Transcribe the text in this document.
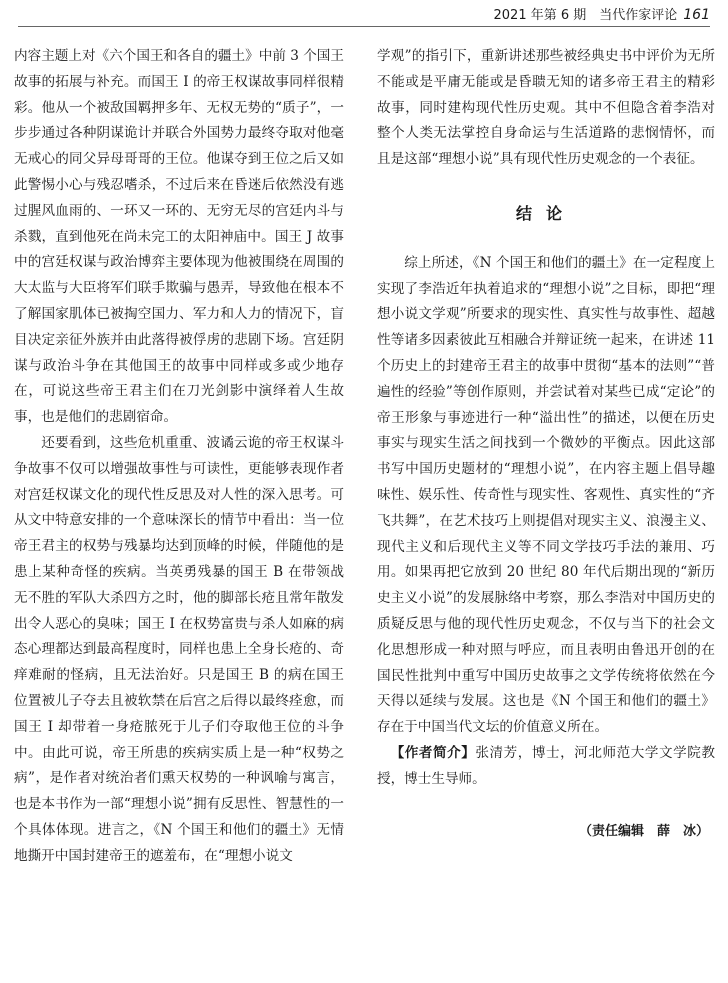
2021 年第 6 期　当代作家评论 161

内容主题上对《六个国王和各自的疆土》中前 3 个国王故事的拓展与补充。而国王 I 的帝王权谋故事同样很精彩。他从一个被敌国羁押多年、无权无势的“质子”，一步步通过各种阴谋诡计并联合外国势力最终夺取对他毫无戒心的同父异母哥哥的王位。他谋夺到王位之后又如此警惕小心与残忍嗜杀，不过后来在昏迷后依然没有逃过腥风血雨的、一环又一环的、无穷无尽的宫廷内斗与杀戮，直到他死在尚未完工的太阳神庙中。国王 J 故事中的宫廷权谋与政治博弈主要体现为他被围绕在周围的大太监与大臣将军们联手欺骗与愚弄，导致他在根本不了解国家肌体已被掏空国力、军力和人力的情况下，盲目决定亲征外族并由此落得被俘虏的悲剧下场。宫廷阴谋与政治斗争在其他国王的故事中同样或多或少地存在，可说这些帝王君主们在刀光剑影中演绎着人生故事，也是他们的悲剧宿命。

还要看到，这些危机重重、波谲云诡的帝王权谋斗争故事不仅可以增强故事性与可读性，更能够表现作者对宫廷权谋文化的现代性反思及对人性的深入思考。可从文中特意安排的一个意味深长的情节中看出：当一位帝王君主的权势与残暴均达到顶峰的时候，伴随他的是患上某种奇怪的疾病。当英勇残暴的国王 B 在带领战无不胜的军队大杀四方之时，他的脚部长疮且常年散发出令人恶心的臭味；国王 I 在权势富贵与杀人如麻的病态心理都达到最高程度时，同样也患上全身长疮的、奇痒难耐的怪病，且无法治好。只是国王 B 的病在国王位置被儿子夺去且被软禁在后宫之后得以最终痊愈，而国王 I 却带着一身疮脓死于儿子们夺取他王位的斗争中。由此可说，帝王所患的疾病实质上是一种“权势之病”，是作者对统治者们熏天权势的一种讽喻与寓言，也是本书作为一部“理想小说”拥有反思性、智慧性的一个具体体现。进言之，《N 个国王和他们的疆土》无情地撕开中国封建帝王的遮羞布，在“理想小说文

学观”的指引下，重新讲述那些被经典史书中评价为无所不能或是平庸无能或是昏聩无知的诸多帝王君主的精彩故事，同时建构现代性历史观。其中不但隐含着李浩对整个人类无法掌控自身命运与生活道路的悲悯情怀，而且是这部“理想小说”具有现代性历史观念的一个表征。

结论

综上所述，《N 个国王和他们的疆土》在一定程度上实现了李浩近年执着追求的“理想小说”之目标，即把“理想小说文学观”所要求的现实性、真实性与故事性、超越性等诸多因素彼此互相融合并辩证统一起来，在讲述 11 个历史上的封建帝王君主的故事中贯彻“基本的法则”“普遍性的经验”等创作原则，并尝试着对某些已成“定论”的帝王形象与事迹进行一种“溢出性”的描述，以便在历史事实与现实生活之间找到一个微妙的平衡点。因此这部书写中国历史题材的“理想小说”，在内容主题上倡导趣味性、娱乐性、传奇性与现实性、客观性、真实性的“齐飞共舞”，在艺术技巧上则提倡对现实主义、浪漫主义、现代主义和后现代主义等不同文学技巧手法的兼用、巧用。如果再把它放到 20 世纪 80 年代后期出现的“新历史主义小说”的发展脉络中考察，那么李浩对中国历史的质疑反思与他的现代性历史观念，不仅与当下的社会文化思想形成一种对照与呼应，而且表明由鲁迅开创的在国民性批判中重写中国历史故事之文学传统将依然在今天得以延续与发展。这也是《N 个国王和他们的疆土》存在于中国当代文坛的价值意义所在。

【作者简介】张清芳，博士，河北师范大学文学院教授，博士生导师。

（责任编辑　薛　冰）
